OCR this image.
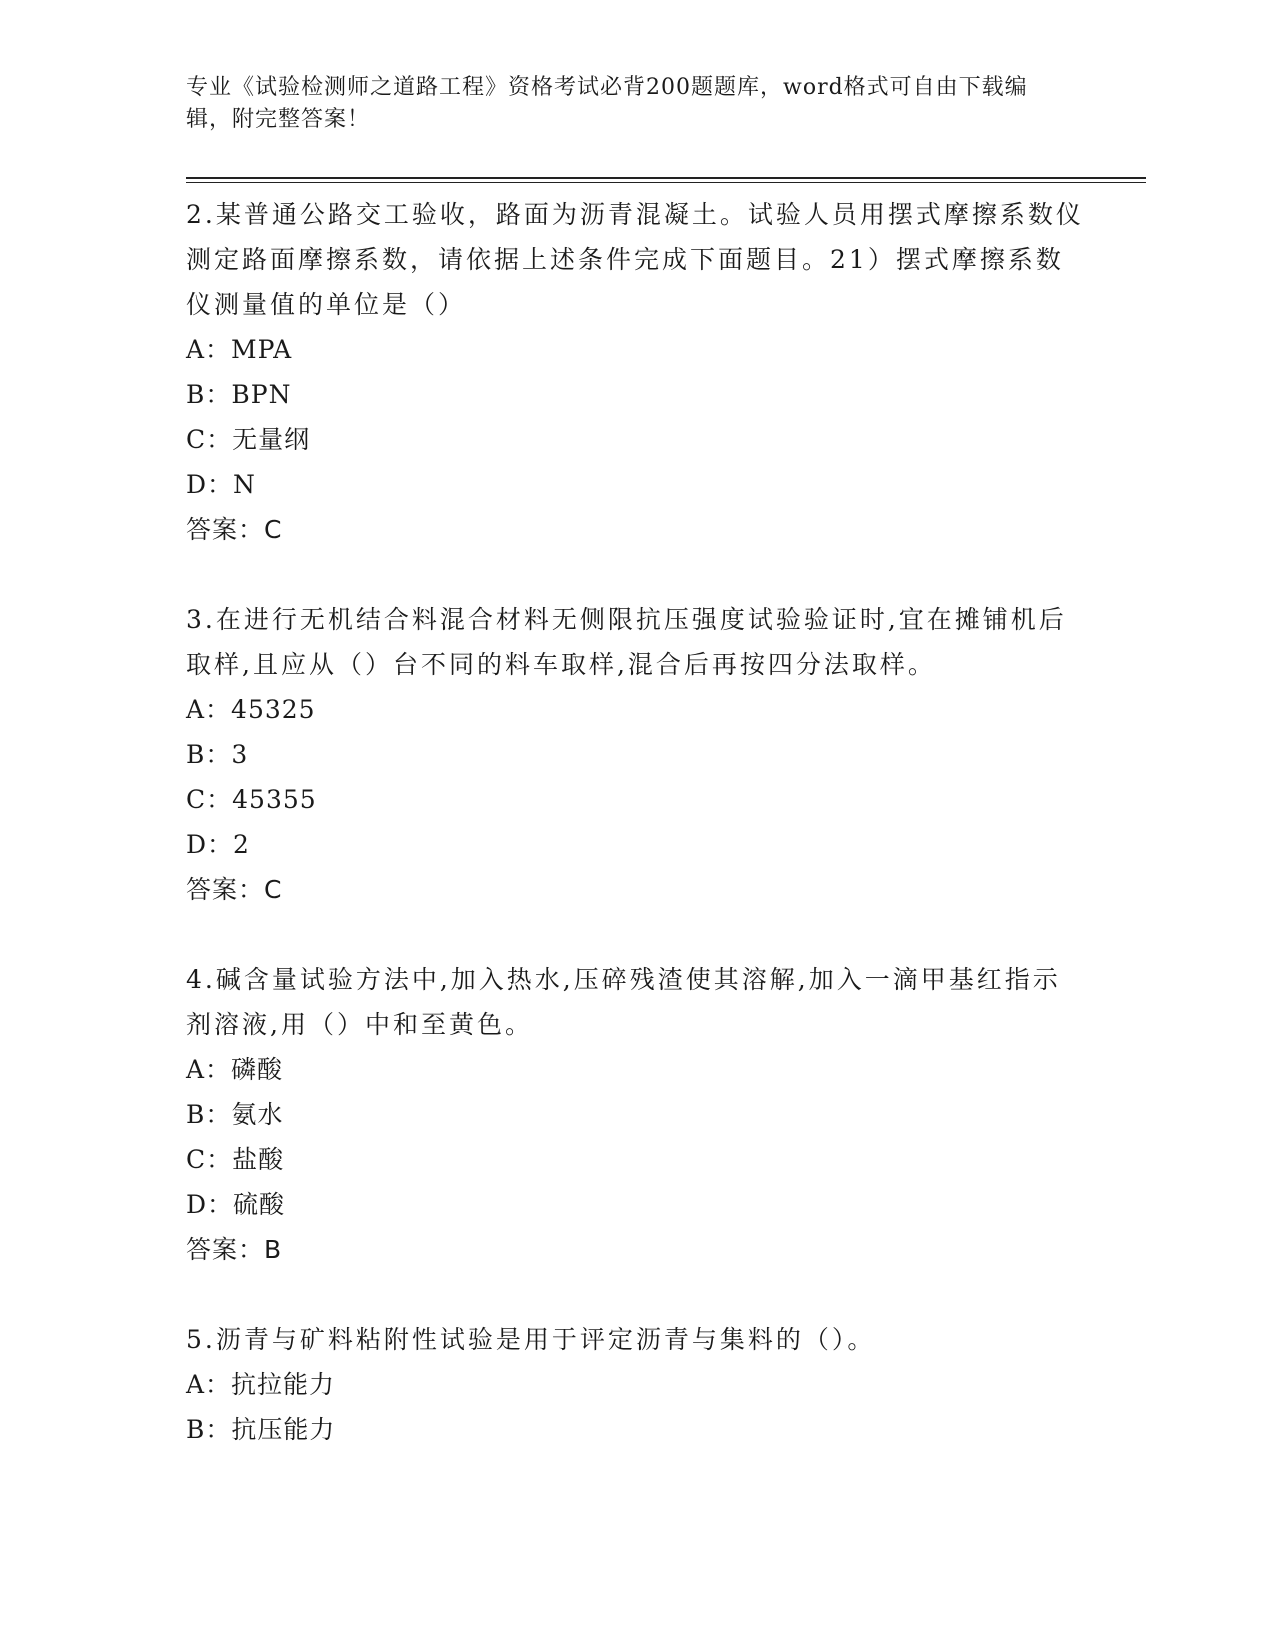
专业《试验检测师之道路工程》资格考试必背200题题库，word格式可自由下载编辑，附完整答案！
2.某普通公路交工验收，路面为沥青混凝土。试验人员用摆式摩擦系数仪测定路面摩擦系数，请依据上述条件完成下面题目。21）摆式摩擦系数仪测量值的单位是（）
A：MPA
B：BPN
C：无量纲
D：N
答案：C
3.在进行无机结合料混合材料无侧限抗压强度试验验证时,宜在摊铺机后取样,且应从（）台不同的料车取样,混合后再按四分法取样。
A：45325
B：3
C：45355
D：2
答案：C
4.碱含量试验方法中,加入热水,压碎残渣使其溶解,加入一滴甲基红指示剂溶液,用（）中和至黄色。
A：磷酸
B：氨水
C：盐酸
D：硫酸
答案：B
5.沥青与矿料粘附性试验是用于评定沥青与集料的（）。
A：抗拉能力
B：抗压能力
